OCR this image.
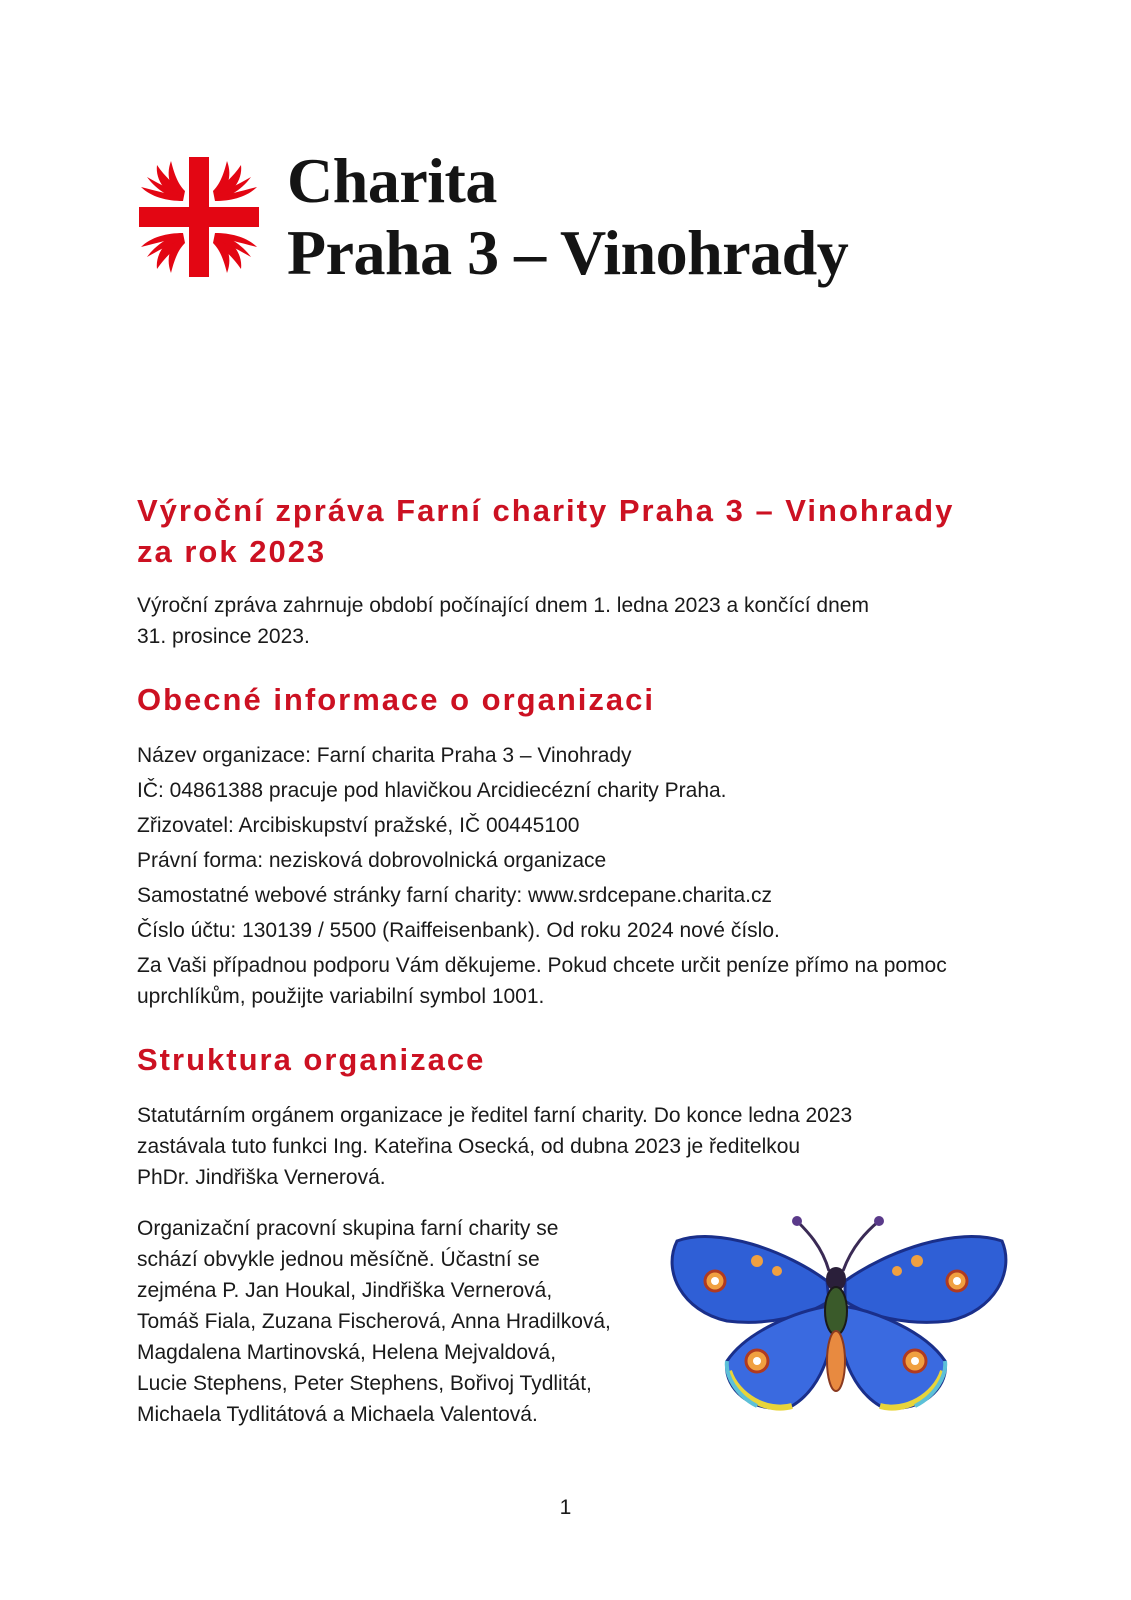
Charita
Praha 3 – Vinohrady
Výroční zpráva Farní charity Praha 3 – Vinohrady
za rok 2023

Výroční zpráva zahrnuje období počínající dnem 1. ledna 2023 a končící dnem
31. prosince 2023.

Obecné informace o organizaci

Název organizace: Farní charita Praha 3 – Vinohrady

IČ: 04861388 pracuje pod hlavičkou Arcidiecézní charity Praha.

Zřizovatel: Arcibiskupství pražské, IČ 00445100

Právní forma: nezisková dobrovolnická organizace

Samostatné webové stránky farní charity: www.srdcepane.charita.cz

Číslo účtu: 130139 / 5500 (Raiffeisenbank). Od roku 2024 nové číslo.

Za Vaši případnou podporu Vám děkujeme. Pokud chcete určit peníze přímo na pomoc
uprchlíkům, použijte variabilní symbol 1001.

Struktura organizace

Statutárním orgánem organizace je ředitel farní charity. Do konce ledna 2023
zastávala tuto funkci Ing. Kateřina Osecká, od dubna 2023 je ředitelkou
PhDr. Jindřiška Vernerová.

Organizační pracovní skupina farní charity se
schází obvykle jednou měsíčně. Účastní se
zejména P. Jan Houkal, Jindřiška Vernerová,
Tomáš Fiala, Zuzana Fischerová, Anna Hradilková,
Magdalena Martinovská, Helena Mejvaldová,
Lucie Stephens, Peter Stephens, Bořivoj Tydlitát,
Michaela Tydlitátová a Michaela Valentová.

1
